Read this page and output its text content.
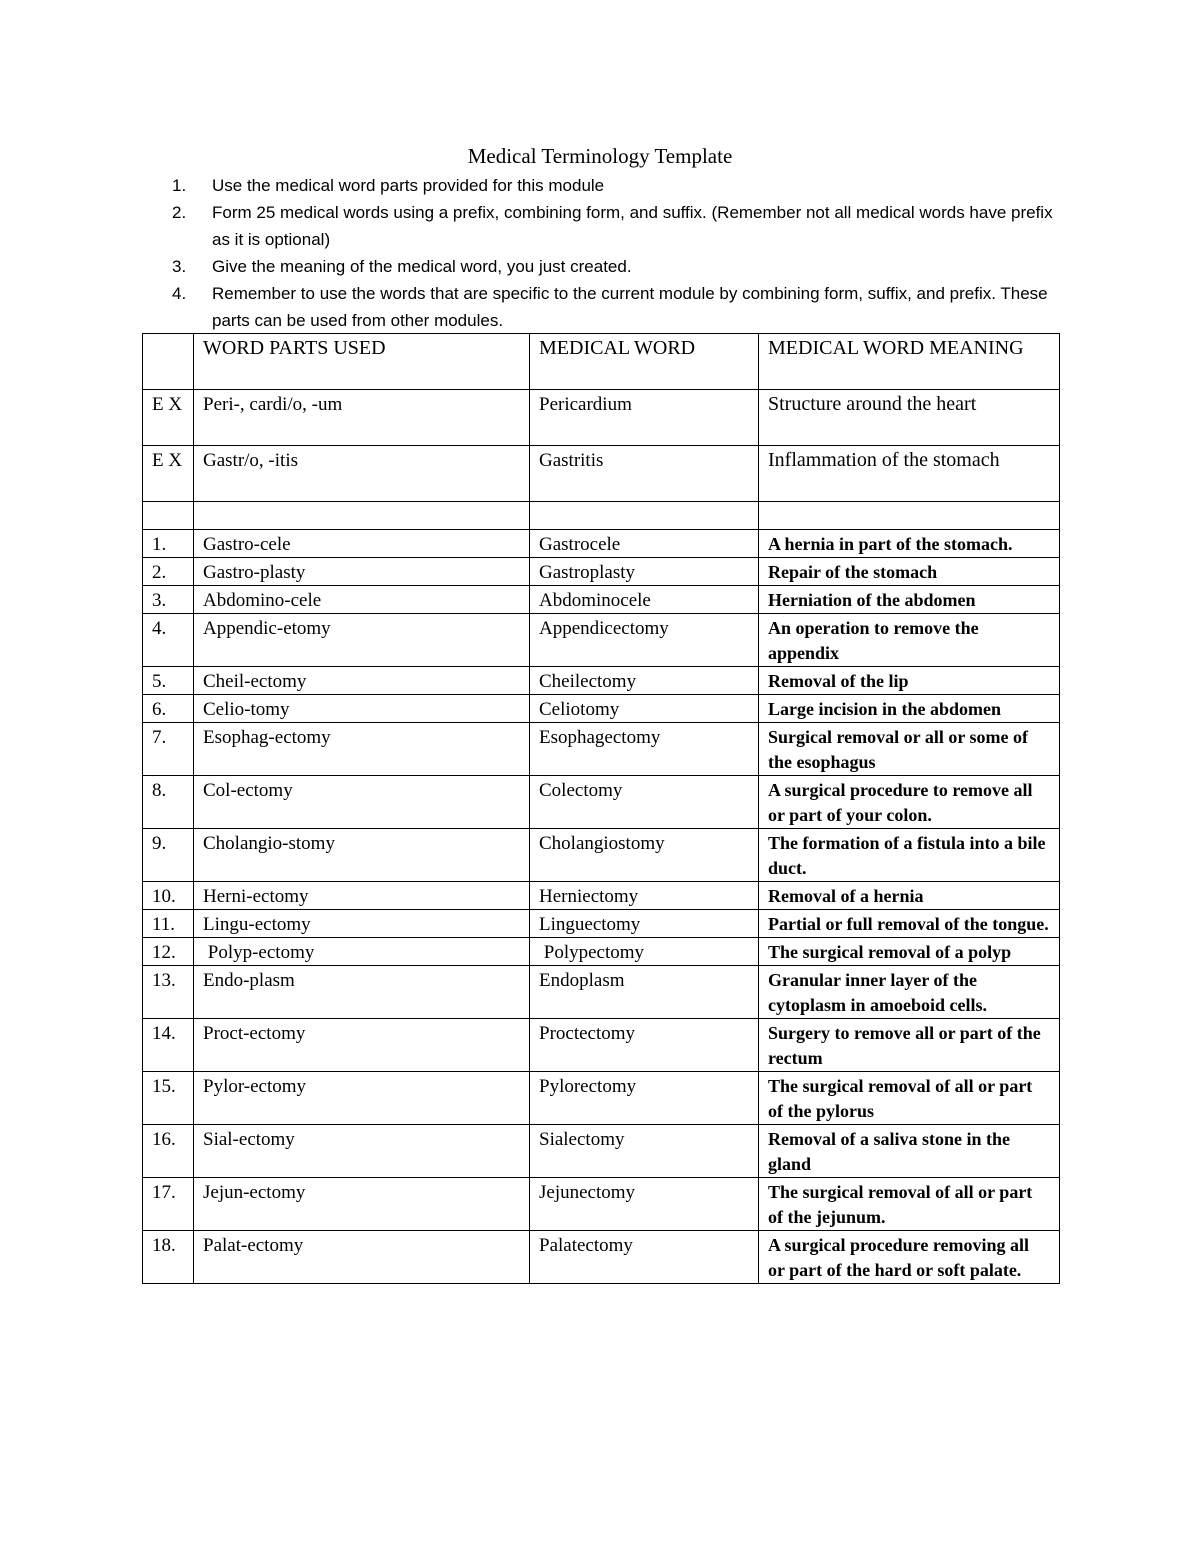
Medical Terminology Template
1. Use the medical word parts provided for this module
2. Form 25 medical words using a prefix, combining form, and suffix. (Remember not all medical words have prefix as it is optional)
3. Give the meaning of the medical word, you just created.
4. Remember to use the words that are specific to the current module by combining form, suffix, and prefix. These parts can be used from other modules.
	WORD PARTS USED	MEDICAL WORD	MEDICAL WORD MEANING
E X	Peri-, cardi/o, -um	Pericardium	Structure around the heart
E X	Gastr/o, -itis	Gastritis	Inflammation of the stomach

1.	Gastro-cele	Gastrocele	A hernia in part of the stomach.
2.	Gastro-plasty	Gastroplasty	Repair of the stomach
3.	Abdomino-cele	Abdominocele	Herniation of the abdomen
4.	Appendic-etomy	Appendicectomy	An operation to remove the appendix
5.	Cheil-ectomy	Cheilectomy	Removal of the lip
6.	Celio-tomy	Celiotomy	Large incision in the abdomen
7.	Esophag-ectomy	Esophagectomy	Surgical removal or all or some of the esophagus
8.	Col-ectomy	Colectomy	A surgical procedure to remove all or part of your colon.
9.	Cholangio-stomy	Cholangiostomy	The formation of a fistula into a bile duct.
10.	Herni-ectomy	Herniectomy	Removal of a hernia
11.	Lingu-ectomy	Linguectomy	Partial or full removal of the tongue.
12.	Polyp-ectomy	Polypectomy	The surgical removal of a polyp
13.	Endo-plasm	Endoplasm	Granular inner layer of the cytoplasm in amoeboid cells.
14.	Proct-ectomy	Proctectomy	Surgery to remove all or part of the rectum
15.	Pylor-ectomy	Pylorectomy	The surgical removal of all or part of the pylorus
16.	Sial-ectomy	Sialectomy	Removal of a saliva stone in the gland
17.	Jejun-ectomy	Jejunectomy	The surgical removal of all or part of the jejunum.
18.	Palat-ectomy	Palatectomy	A surgical procedure removing all or part of the hard or soft palate.
